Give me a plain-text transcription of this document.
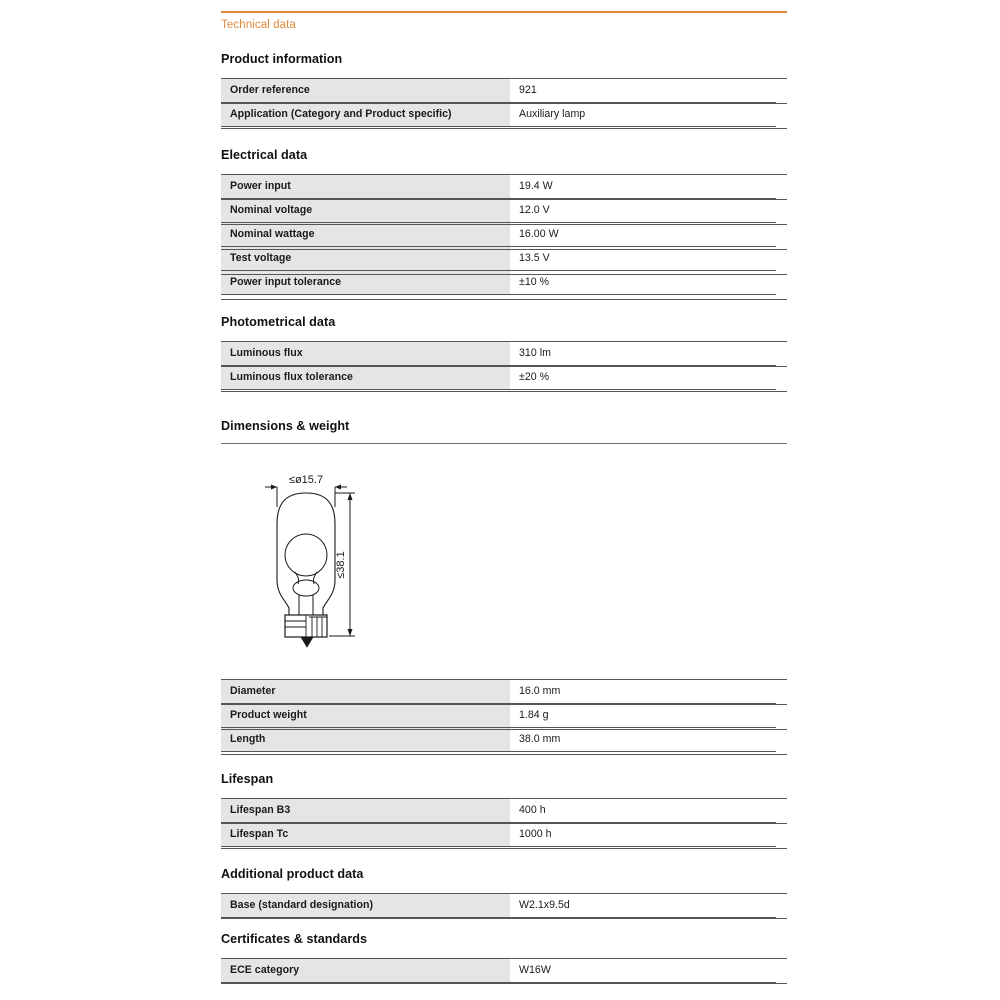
Technical data
Product information
Order reference	921
Application (Category and Product specific)	Auxiliary lamp
Electrical data
Power input	19.4 W
Nominal voltage	12.0 V
Nominal wattage	16.00 W
Test voltage	13.5 V
Power input tolerance	±10 %
Photometrical data
Luminous flux	310 lm
Luminous flux tolerance	±20 %
Dimensions & weight
≤ø15.7
≤38.1
Diameter	16.0 mm
Product weight	1.84 g
Length	38.0 mm
Lifespan
Lifespan B3	400 h
Lifespan Tc	1000 h
Additional product data
Base (standard designation)	W2.1x9.5d
Certificates & standards
ECE category	W16W
